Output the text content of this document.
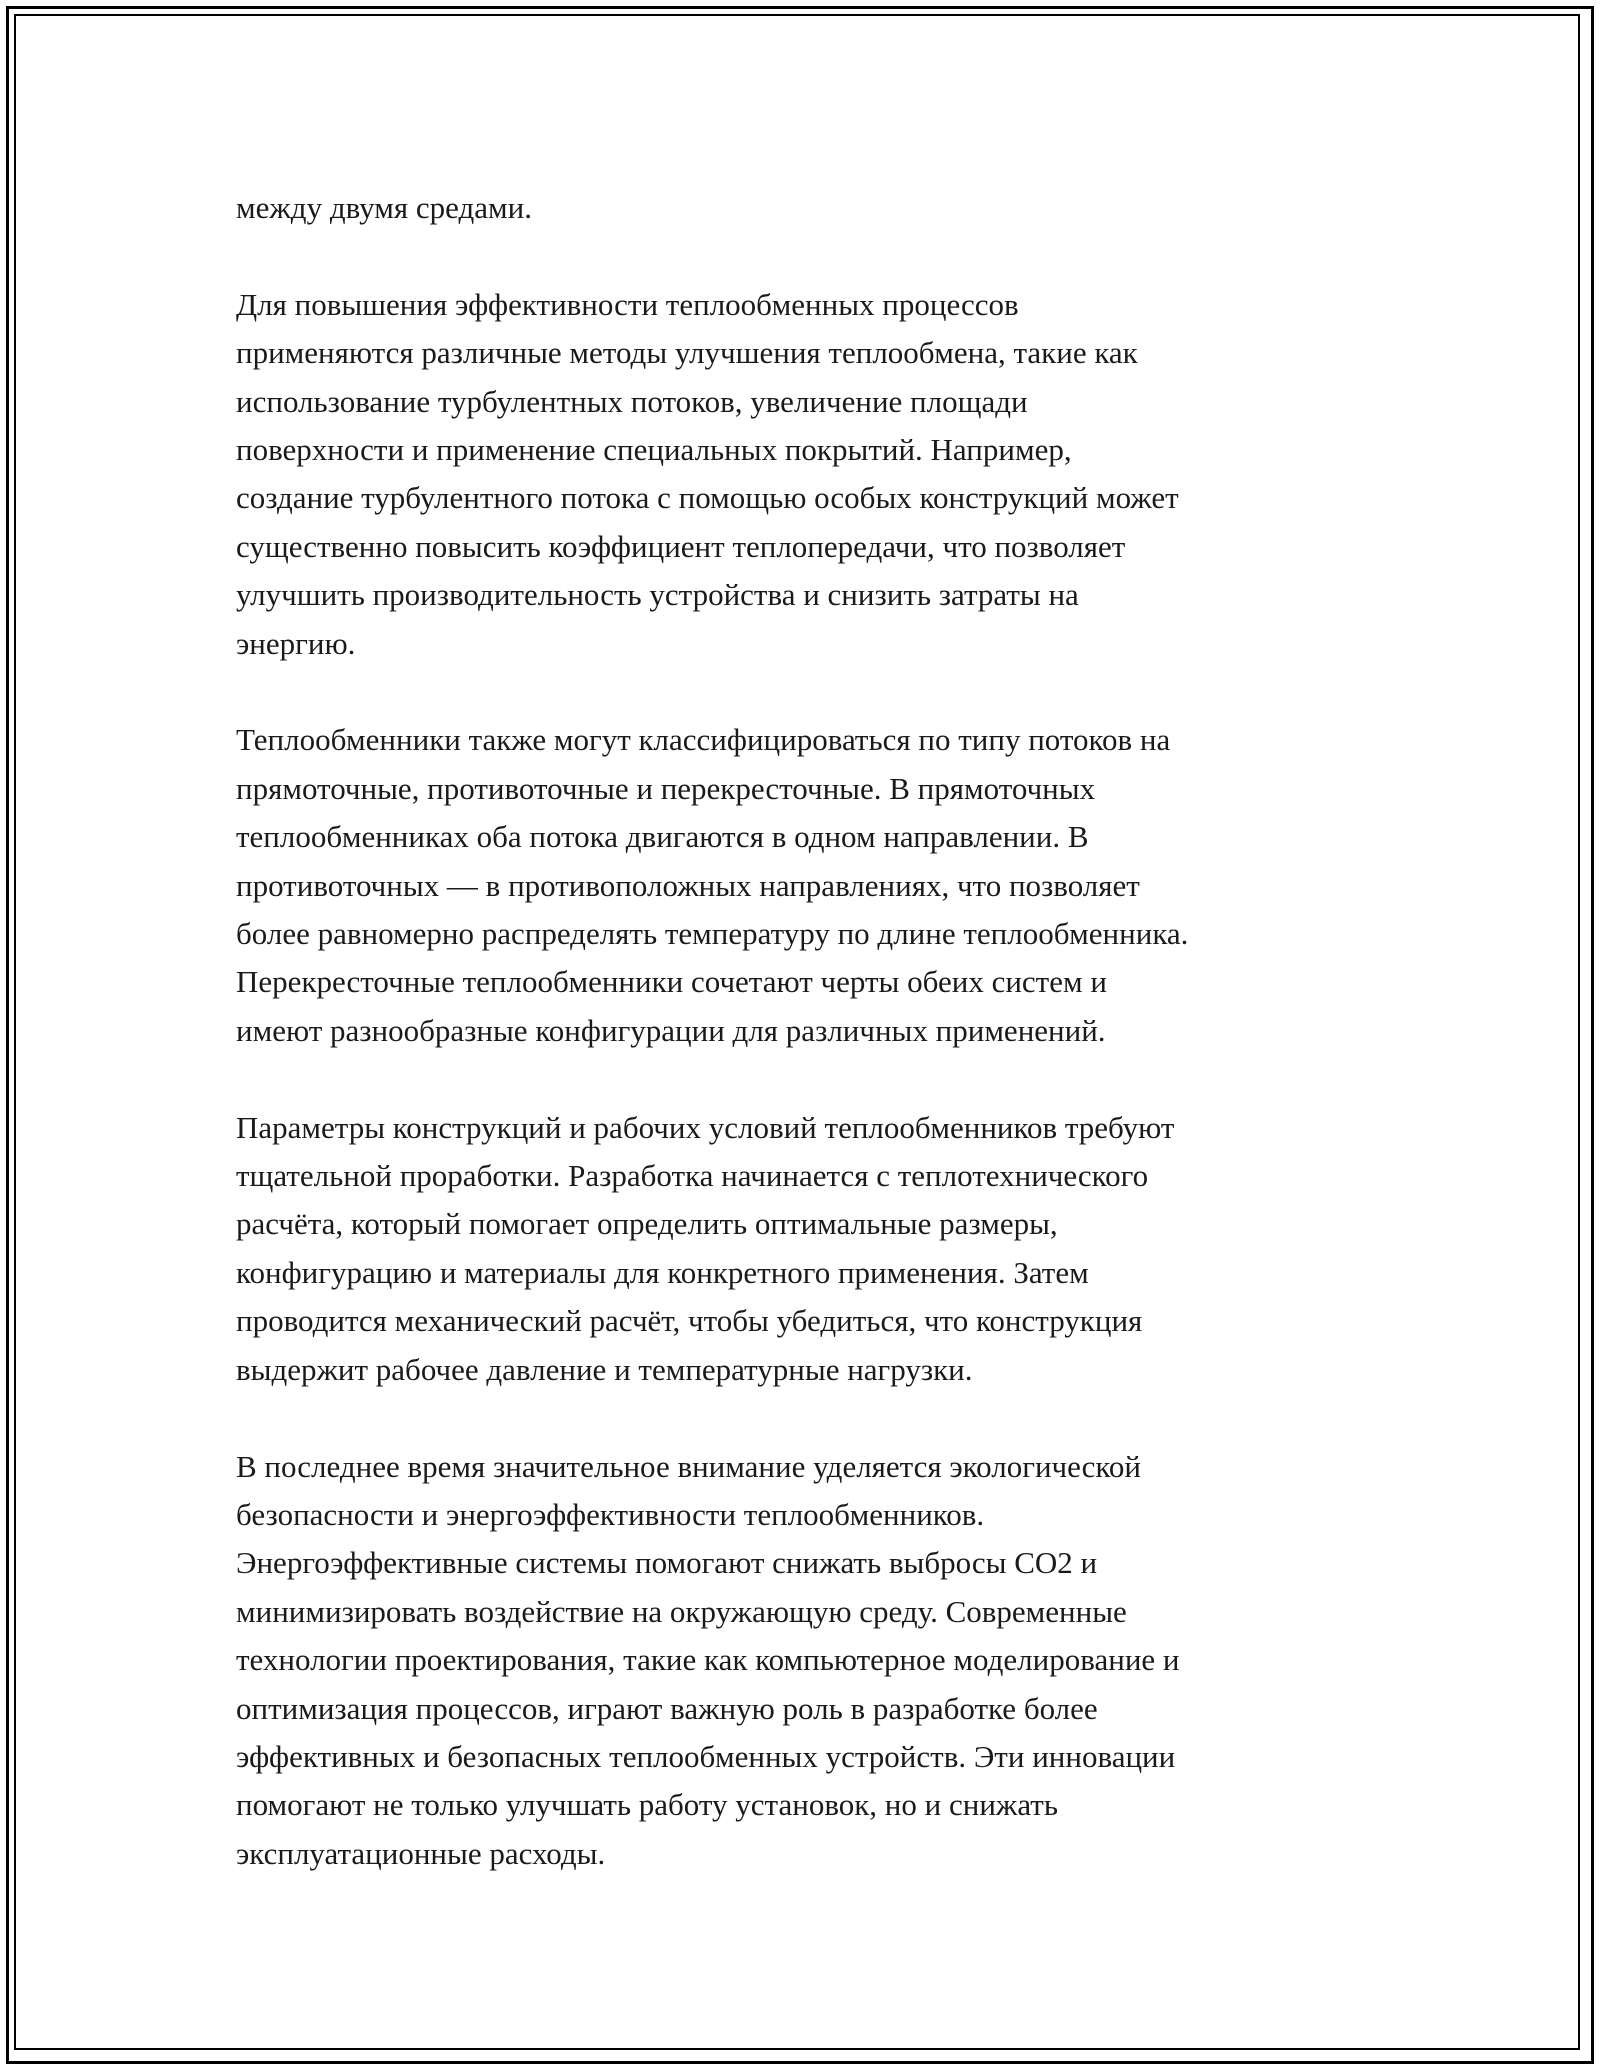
между двумя средами.

Для повышения эффективности теплообменных процессов
применяются различные методы улучшения теплообмена, такие как
использование турбулентных потоков, увеличение площади
поверхности и применение специальных покрытий. Например,
создание турбулентного потока с помощью особых конструкций может
существенно повысить коэффициент теплопередачи, что позволяет
улучшить производительность устройства и снизить затраты на
энергию.

Теплообменники также могут классифицироваться по типу потоков на
прямоточные, противоточные и перекресточные. В прямоточных
теплообменниках оба потока двигаются в одном направлении. В
противоточных — в противоположных направлениях, что позволяет
более равномерно распределять температуру по длине теплообменника.
Перекресточные теплообменники сочетают черты обеих систем и
имеют разнообразные конфигурации для различных применений.

Параметры конструкций и рабочих условий теплообменников требуют
тщательной проработки. Разработка начинается с теплотехнического
расчёта, который помогает определить оптимальные размеры,
конфигурацию и материалы для конкретного применения. Затем
проводится механический расчёт, чтобы убедиться, что конструкция
выдержит рабочее давление и температурные нагрузки.

В последнее время значительное внимание уделяется экологической
безопасности и энергоэффективности теплообменников.
Энергоэффективные системы помогают снижать выбросы CO2 и
минимизировать воздействие на окружающую среду. Современные
технологии проектирования, такие как компьютерное моделирование и
оптимизация процессов, играют важную роль в разработке более
эффективных и безопасных теплообменных устройств. Эти инновации
помогают не только улучшать работу установок, но и снижать
эксплуатационные расходы.
